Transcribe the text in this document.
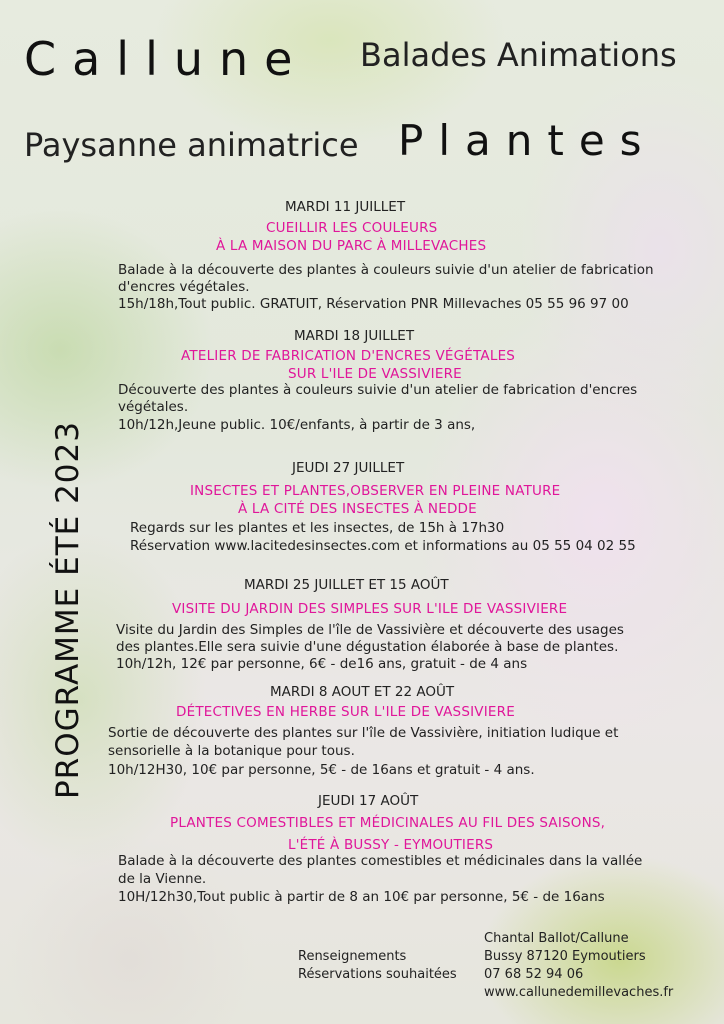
Callune Balades Animations
Paysanne animatrice Plantes
PROGRAMME ÉTÉ 2023
MARDI 11 JUILLET
CUEILLIR LES COULEURS
À LA MAISON DU PARC À MILLEVACHES
Balade à la découverte des plantes à couleurs suivie d'un atelier de fabrication
d'encres végétales.
15h/18h,Tout public. GRATUIT, Réservation PNR Millevaches 05 55 96 97 00
MARDI 18 JUILLET
ATELIER DE FABRICATION D'ENCRES VÉGÉTALES
SUR L'ILE DE VASSIVIERE
Découverte des plantes à couleurs suivie d'un atelier de fabrication d'encres
végétales.
10h/12h,Jeune public. 10€/enfants, à partir de 3 ans,
JEUDI 27 JUILLET
INSECTES ET PLANTES,OBSERVER EN PLEINE NATURE
À LA CITÉ DES INSECTES À NEDDE
Regards sur les plantes et les insectes, de 15h à 17h30
Réservation www.lacitedesinsectes.com et informations au 05 55 04 02 55
MARDI 25 JUILLET ET 15 AOÛT
VISITE DU JARDIN DES SIMPLES SUR L'ILE DE VASSIVIERE
Visite du Jardin des Simples de l'île de Vassivière et découverte des usages
des plantes.Elle sera suivie d'une dégustation élaborée à base de plantes.
10h/12h, 12€ par personne, 6€ - de16 ans, gratuit - de 4 ans
MARDI 8 AOUT ET 22 AOÛT
DÉTECTIVES EN HERBE SUR L'ILE DE VASSIVIERE
Sortie de découverte des plantes sur l'île de Vassivière, initiation ludique et
sensorielle à la botanique pour tous.
10h/12H30, 10€ par personne, 5€ - de 16ans et gratuit - 4 ans.
JEUDI 17 AOÛT
PLANTES COMESTIBLES ET MÉDICINALES AU FIL DES SAISONS,
L'ÉTÉ À BUSSY - EYMOUTIERS
Balade à la découverte des plantes comestibles et médicinales dans la vallée
de la Vienne.
10H/12h30,Tout public à partir de 8 an 10€ par personne, 5€ - de 16ans
Renseignements
Réservations souhaitées
Chantal Ballot/Callune
Bussy 87120 Eymoutiers
07 68 52 94 06
www.callunedemillevaches.fr
